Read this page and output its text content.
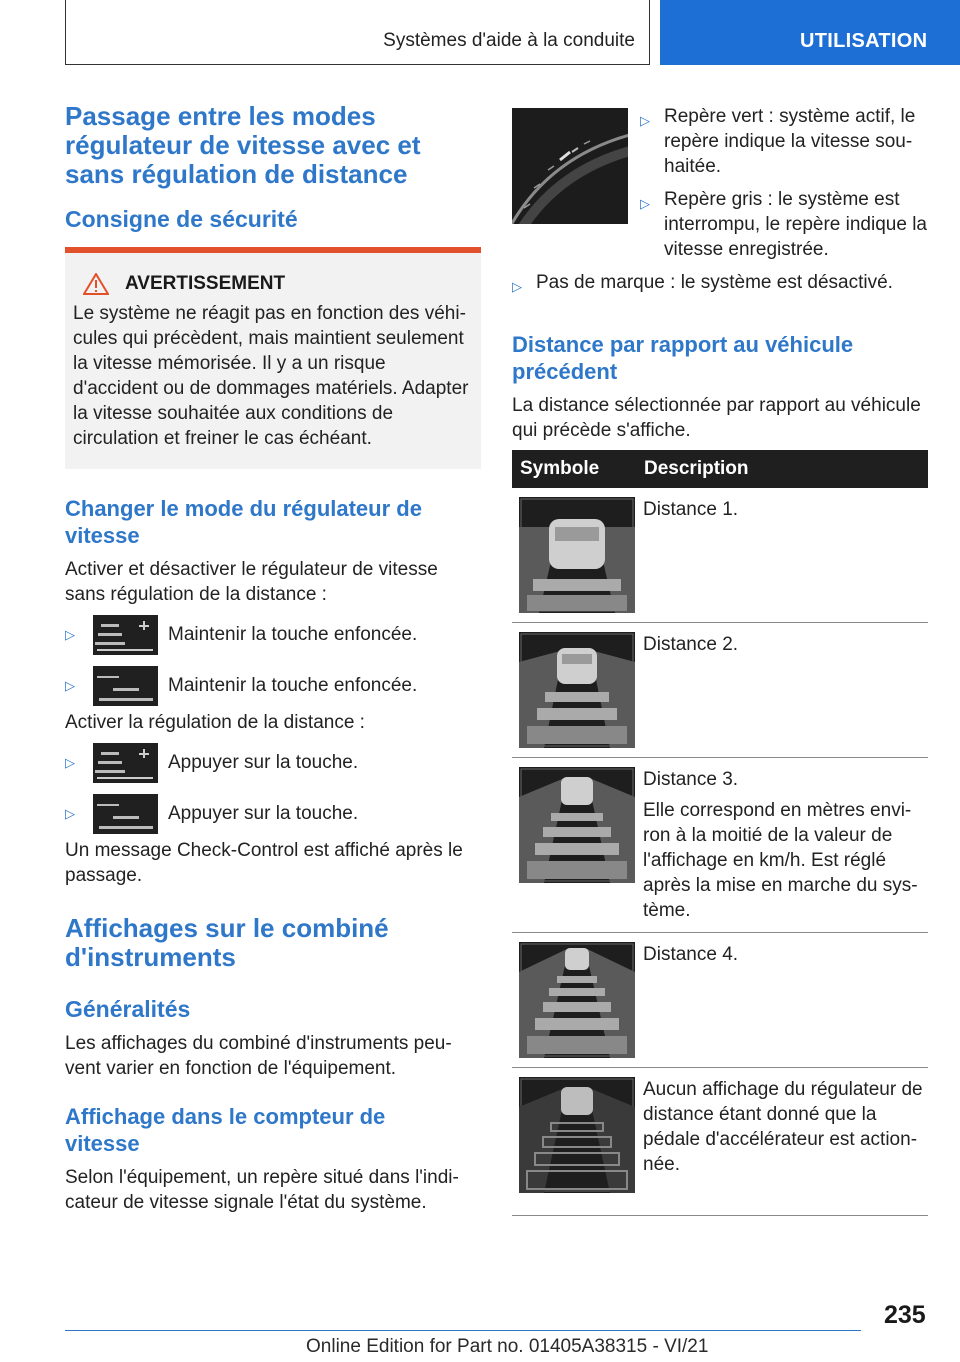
Systèmes d'aide à la conduite	UTILISATION
Passage entre les modes régulateur de vitesse avec et sans régulation de distance
Consigne de sécurité
AVERTISSEMENT

Le système ne réagit pas en fonction des véhicules qui précèdent, mais maintient seulement la vitesse mémorisée. Il y a un risque d'accident ou de dommages matériels. Adapter la vitesse souhaitée aux conditions de circulation et freiner le cas échéant.

Changer le mode du régulateur de vitesse

Activer et désactiver le régulateur de vitesse sans régulation de la distance :

▷	Maintenir la touche enfoncée.
▷	Maintenir la touche enfoncée.

Activer la régulation de la distance :

▷	Appuyer sur la touche.
▷	Appuyer sur la touche.

Un message Check-Control est affiché après le passage.

Affichages sur le combiné d'instruments
Généralités

Les affichages du combiné d'instruments peuvent varier en fonction de l'équipement.

Affichage dans le compteur de vitesse

Selon l'équipement, un repère situé dans l'indicateur de vitesse signale l'état du système.

▷ Repère vert : système actif, le repère indique la vitesse souhaitée.
▷ Repère gris : le système est interrompu, le repère indique la vitesse enregistrée.
▷ Pas de marque : le système est désactivé.
Distance par rapport au véhicule précédent

La distance sélectionnée par rapport au véhicule qui précède s'affiche.

Symbole	Description

Distance 1.

Distance 2.

Distance 3.

Elle correspond en mètres environ à la moitié de la valeur de l'affichage en km/h. Est réglé après la mise en marche du système.

Distance 4.

Aucun affichage du régulateur de distance étant donné que la pédale d'accélérateur est actionnée.

235
Online Edition for Part no. 01405A38315 - VI/21
